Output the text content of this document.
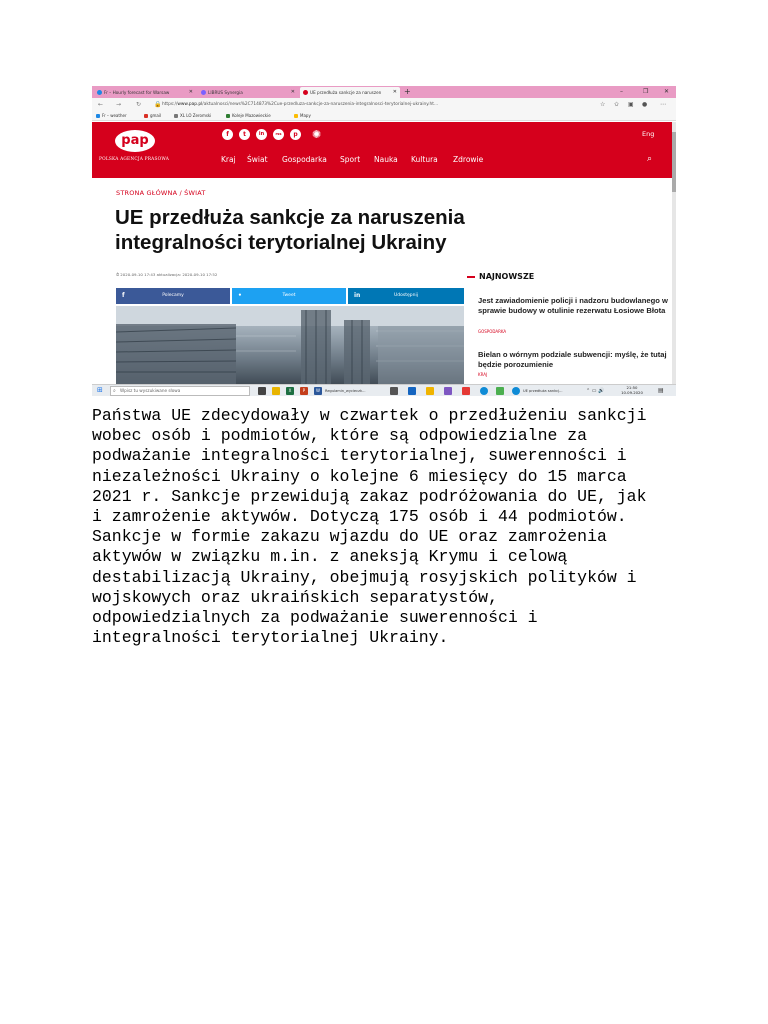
Fr – Hourly forecast for Warsaw	✕	LIBRUS Synergia	✕	UE przedłuża sankcje za naruszen ✕ +	–	❐	✕
← → ↻ 🔒 https://www.pap.pl/aktualnosci/news%2C714873%2Cue-przedluza-sankcje-za-naruszenia-integralnosci-terytorialnej-ukrainy.ht...	☆ ✩	▣ ● ⋯
Fr – weather	gmail	XL LO Zeromski	Koleje Mazowieckie	Mapy
pap
POLSKA AGENCJA PRASOWA
f	t	in	rss	p	✺	Eng
Kraj Świat Gospodarka Sport Nauka Kultura Zdrowie	⌕
STRONA GŁÓWNA / ŚWIAT
UE przedłuża sankcje za naruszenia integralności terytorialnej Ukrainy
⏱ 2020-09-10 17:43 aktualizacja: 2020-09-10 17:52
f	Polecamy	•	Tweet	in	Udostępnij
NAJNOWSZE
Jest zawiadomienie policji i nadzoru budowlanego w sprawie budowy w otulinie rezerwatu Łosiowe Błota
GOSPODARKA
Bielan o wórnym podziale subwencji: myślę, że tutaj będzie porozumienie
KRAJ
⊞ ⌕ Wpisz tu wyszukiwane słowa	X	P	W	Regulamin_wycieczk...	UE przedłuża sankcj...	⌃ ▭ 🔊
21:50
10.09.2020	▤
Państwa UE zdecydowały w czwartek o przedłużeniu sankcji
wobec osób i podmiotów, które są odpowiedzialne za
podważanie integralności terytorialnej, suwerenności i
niezależności Ukrainy o kolejne 6 miesięcy do 15 marca
2021 r. Sankcje przewidują zakaz podróżowania do UE, jak
i zamrożenie aktywów. Dotyczą 175 osób i 44 podmiotów.
Sankcje w formie zakazu wjazdu do UE oraz zamrożenia
aktywów w związku m.in. z aneksją Krymu i celową
destabilizacją Ukrainy, obejmują rosyjskich polityków i
wojskowych oraz ukraińskich separatystów,
odpowiedzialnych za podważanie suwerenności i
integralności terytorialnej Ukrainy.
